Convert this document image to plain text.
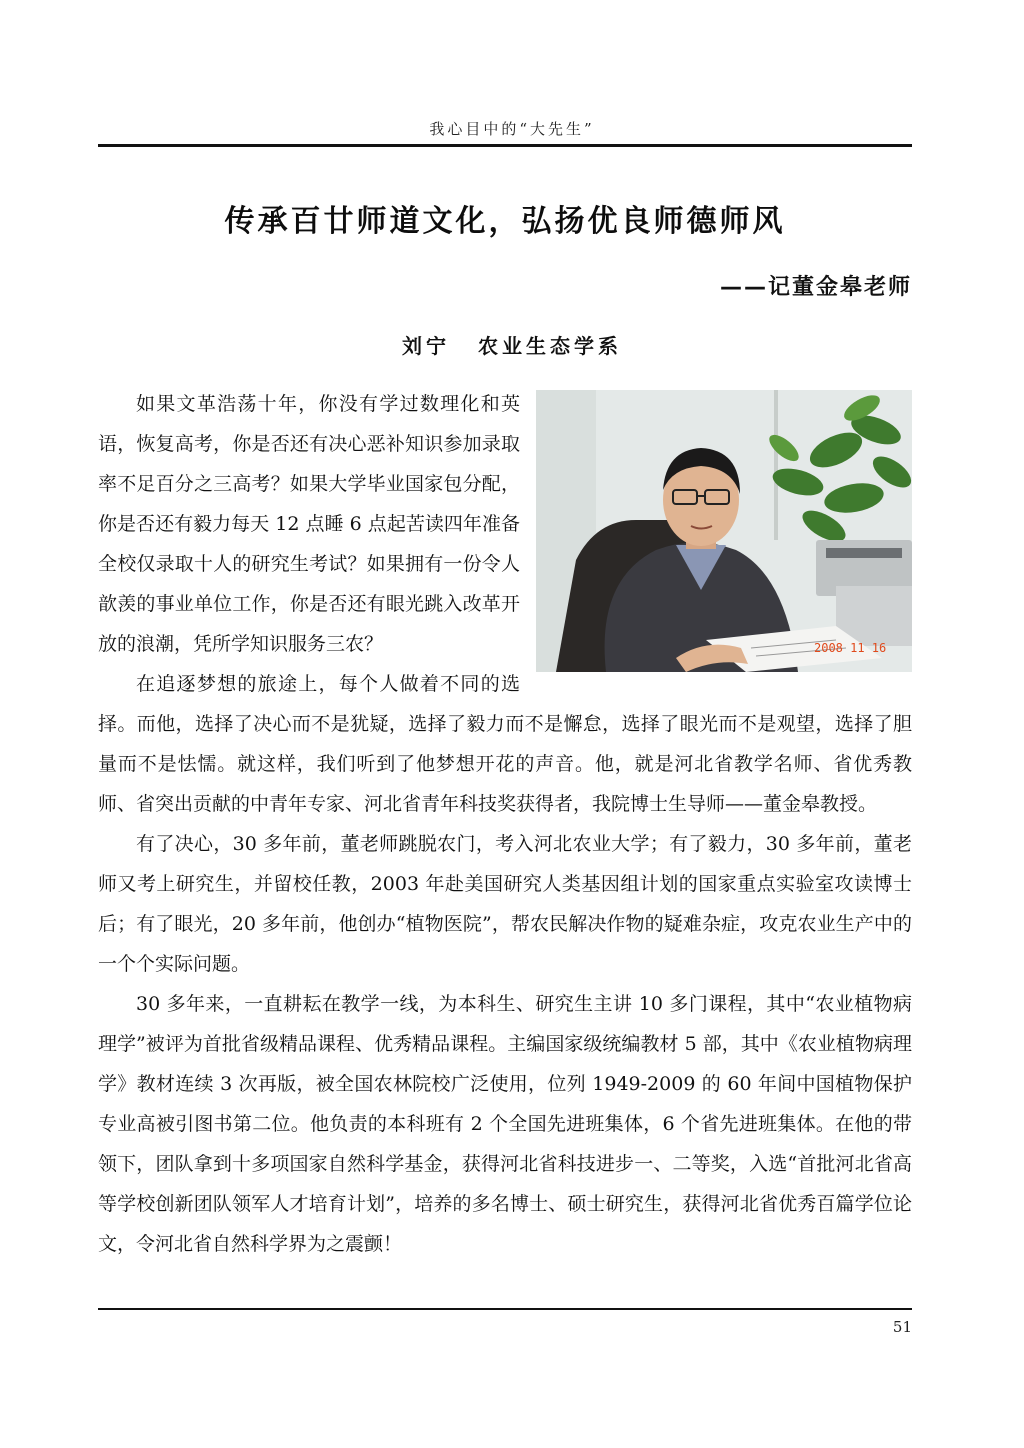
我心目中的“大先生”
传承百廿师道文化，弘扬优良师德师风
——记董金皋老师
刘宁 农业生态学系
2008 11 16

如果文革浩荡十年，你没有学过数理化和英语，恢复高考，你是否还有决心恶补知识参加录取率不足百分之三高考？如果大学毕业国家包分配，你是否还有毅力每天 12 点睡 6 点起苦读四年准备全校仅录取十人的研究生考试？如果拥有一份令人歆羡的事业单位工作，你是否还有眼光跳入改革开放的浪潮，凭所学知识服务三农？

在追逐梦想的旅途上，每个人做着不同的选择。而他，选择了决心而不是犹疑，选择了毅力而不是懈怠，选择了眼光而不是观望，选择了胆量而不是怯懦。就这样，我们听到了他梦想开花的声音。他，就是河北省教学名师、省优秀教师、省突出贡献的中青年专家、河北省青年科技奖获得者，我院博士生导师——董金皋教授。

有了决心，30 多年前，董老师跳脱农门，考入河北农业大学；有了毅力，30 多年前，董老师又考上研究生，并留校任教，2003 年赴美国研究人类基因组计划的国家重点实验室攻读博士后；有了眼光，20 多年前，他创办“植物医院”，帮农民解决作物的疑难杂症，攻克农业生产中的一个个实际问题。

30 多年来，一直耕耘在教学一线，为本科生、研究生主讲 10 多门课程，其中“农业植物病理学”被评为首批省级精品课程、优秀精品课程。主编国家级统编教材 5 部，其中《农业植物病理学》教材连续 3 次再版，被全国农林院校广泛使用，位列 1949-2009 的 60 年间中国植物保护专业高被引图书第二位。他负责的本科班有 2 个全国先进班集体，6 个省先进班集体。在他的带领下，团队拿到十多项国家自然科学基金，获得河北省科技进步一、二等奖，入选“首批河北省高等学校创新团队领军人才培育计划”，培养的多名博士、硕士研究生，获得河北省优秀百篇学位论文，令河北省自然科学界为之震颤！

51
